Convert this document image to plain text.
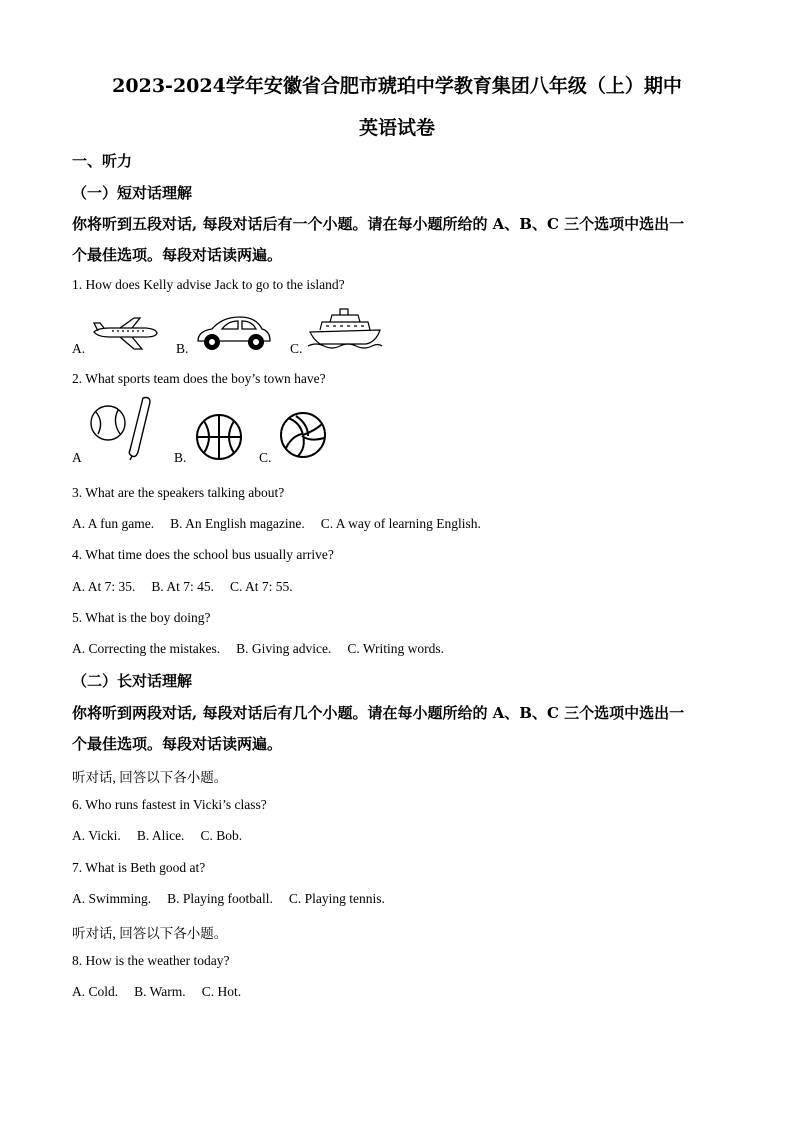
2023-2024学年安徽省合肥市琥珀中学教育集团八年级（上）期中
英语试卷
一、听力
（一）短对话理解
你将听到五段对话, 每段对话后有一个小题。请在每小题所给的 A、B、C 三个选项中选出一
个最佳选项。每段对话读两遍。
1. How does Kelly advise Jack to go to the island?
A.	B.	C.
2. What sports team does the boy’s town have?
A	B.	C.
3. What are the speakers talking about?
A. A fun game. B. An English magazine. C. A way of learning English.
4. What time does the school bus usually arrive?
A. At 7: 35. B. At 7: 45. C. At 7: 55.
5. What is the boy doing?
A. Correcting the mistakes. B. Giving advice. C. Writing words.
（二）长对话理解
你将听到两段对话, 每段对话后有几个小题。请在每小题所给的 A、B、C 三个选项中选出一
个最佳选项。每段对话读两遍。
听对话, 回答以下各小题。
6. Who runs fastest in Vicki’s class?
A. Vicki. B. Alice. C. Bob.
7. What is Beth good at?
A. Swimming. B. Playing football. C. Playing tennis.
听对话, 回答以下各小题。
8. How is the weather today?
A. Cold. B. Warm. C. Hot.
